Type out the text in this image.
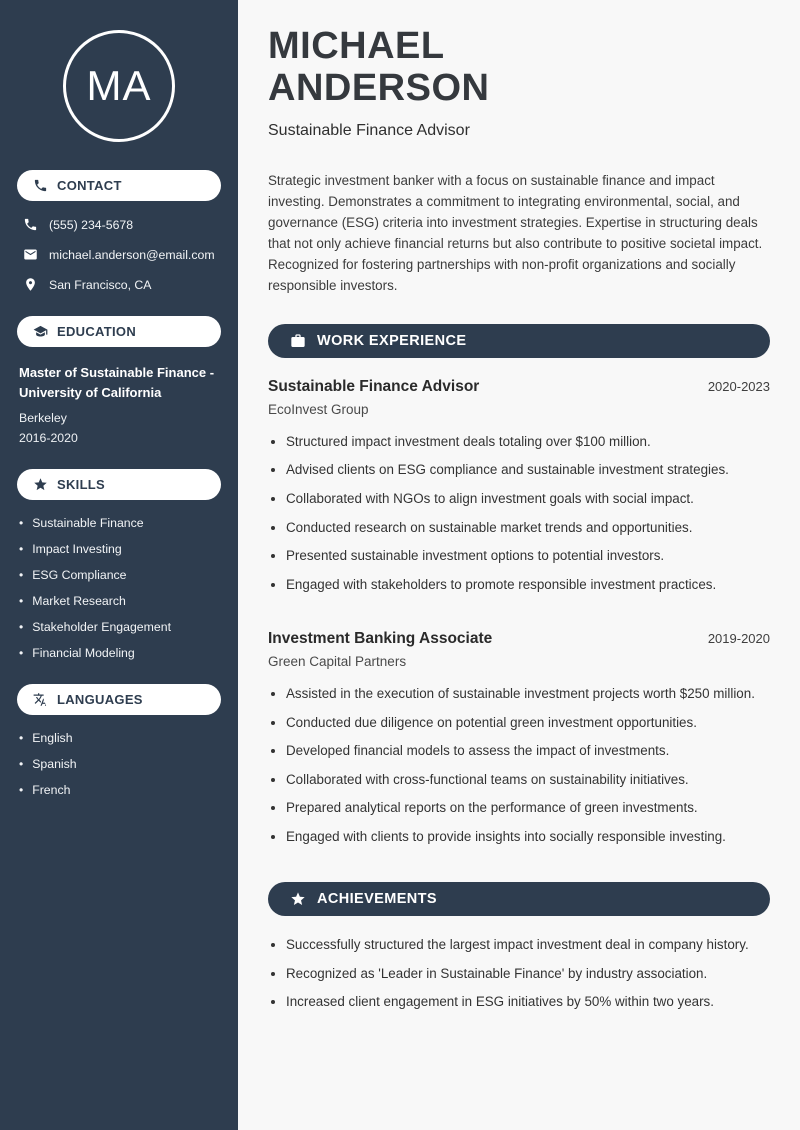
MA
CONTACT
(555) 234-5678
michael.anderson@email.com
San Francisco, CA
EDUCATION
Master of Sustainable Finance - University of California
Berkeley
2016-2020
SKILLS
• Sustainable Finance
• Impact Investing
• ESG Compliance
• Market Research
• Stakeholder Engagement
• Financial Modeling
LANGUAGES
• English
• Spanish
• French
MICHAEL
ANDERSON
Sustainable Finance Advisor

Strategic investment banker with a focus on sustainable finance and impact investing. Demonstrates a commitment to integrating environmental, social, and governance (ESG) criteria into investment strategies. Expertise in structuring deals that not only achieve financial returns but also contribute to positive societal impact. Recognized for fostering partnerships with non-profit organizations and socially responsible investors.

WORK EXPERIENCE
Sustainable Finance Advisor	2020-2023
EcoInvest Group
• Structured impact investment deals totaling over $100 million.
• Advised clients on ESG compliance and sustainable investment strategies.
• Collaborated with NGOs to align investment goals with social impact.
• Conducted research on sustainable market trends and opportunities.
• Presented sustainable investment options to potential investors.
• Engaged with stakeholders to promote responsible investment practices.
Investment Banking Associate	2019-2020
Green Capital Partners
• Assisted in the execution of sustainable investment projects worth $250 million.
• Conducted due diligence on potential green investment opportunities.
• Developed financial models to assess the impact of investments.
• Collaborated with cross-functional teams on sustainability initiatives.
• Prepared analytical reports on the performance of green investments.
• Engaged with clients to provide insights into socially responsible investing.
ACHIEVEMENTS
• Successfully structured the largest impact investment deal in company history.
• Recognized as 'Leader in Sustainable Finance' by industry association.
• Increased client engagement in ESG initiatives by 50% within two years.
